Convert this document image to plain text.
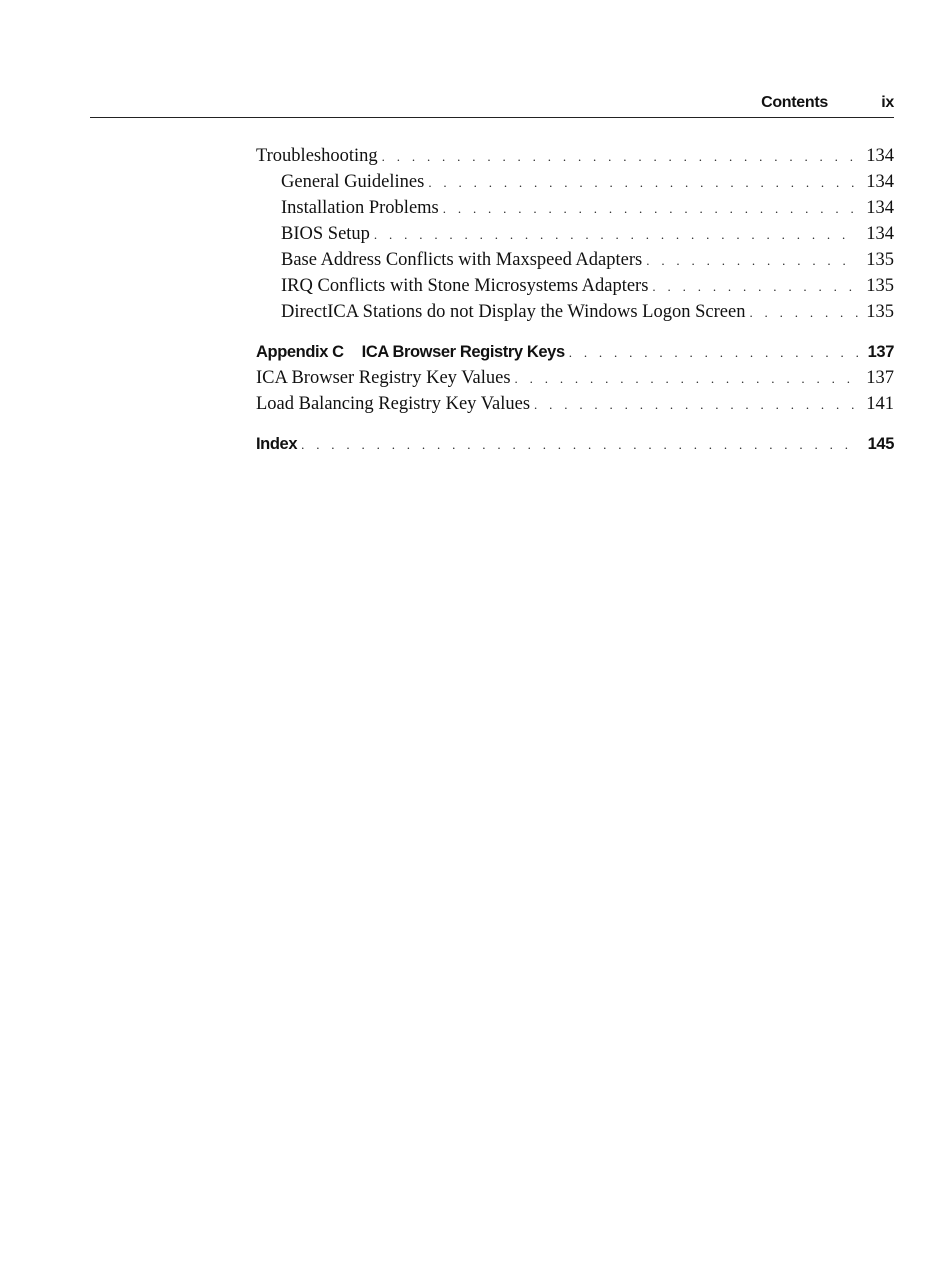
Contents	ix
Troubleshooting . . .	134
General Guidelines . . .	134
Installation Problems . . .	134
BIOS Setup . . .	134
Base Address Conflicts with Maxspeed Adapters . . .	135
IRQ Conflicts with Stone Microsystems Adapters . . .	135
DirectICA Stations do not Display the Windows Logon Screen . . .	135
Appendix C ICA Browser Registry Keys . . .	137
ICA Browser Registry Key Values . . .	137
Load Balancing Registry Key Values . . .	141
Index . . .	145
